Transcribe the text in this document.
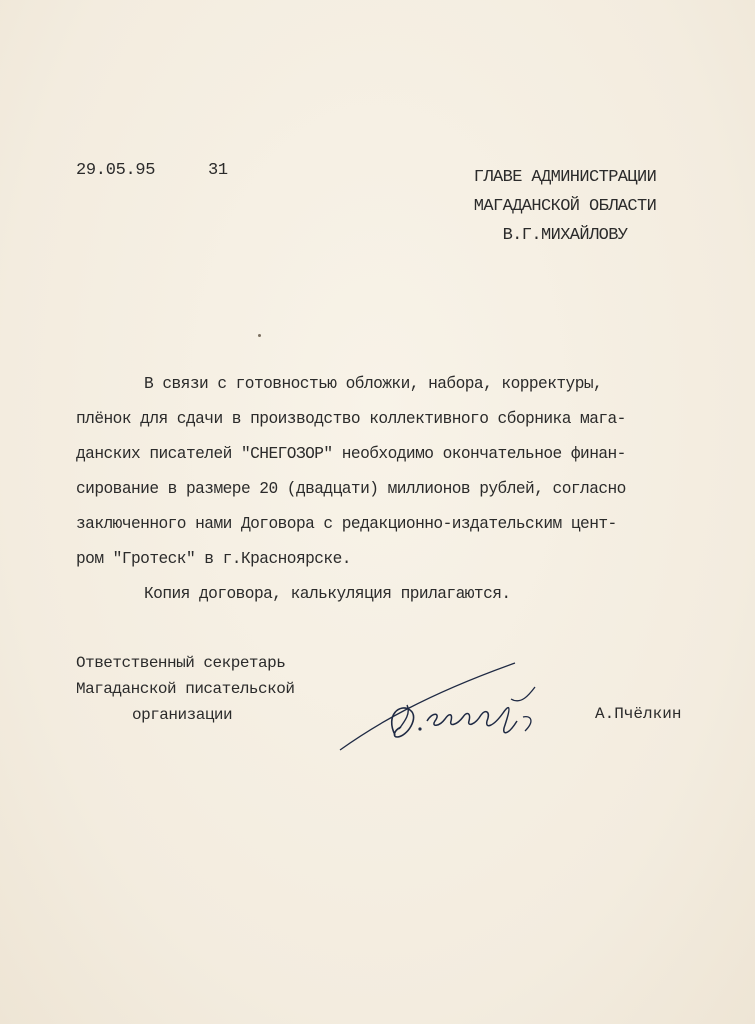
29.05.95	31	ГЛАВЕ АДМИНИСТРАЦИИ
МАГАДАНСКОЙ ОБЛАСТИ
В.Г.МИХАЙЛОВУ
В связи с готовностью обложки, набора, корректуры,
плёнок для сдачи в производство коллективного сборника мага-
данских писателей "СНЕГОЗОР" необходимо окончательное финан-
сирование в размере 20 (двадцати) миллионов рублей, согласно
заключенного нами Договора с редакционно-издательским цент-
ром "Гротеск" в г.Красноярске.
Копия договора, калькуляция прилагаются.
Ответственный секретарь
Магаданской писательской
организации	А.Пчёлкин
